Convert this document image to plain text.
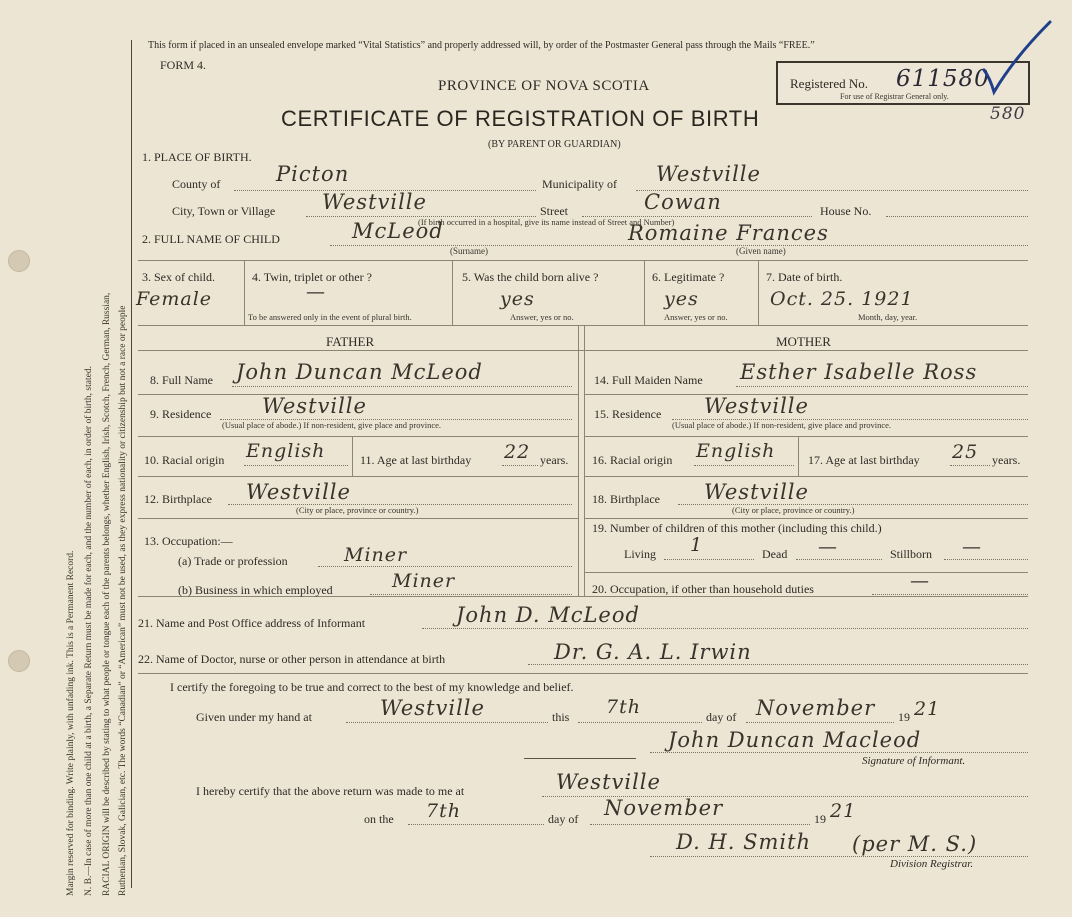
Margin reserved for binding. Write plainly, with unfading ink. This is a Permanent Record. N. B.—In case of more than one child at a birth, a Separate Return must be made for each, and the number of each, in order of birth, stated. RACIAL ORIGIN will be described by stating to what people or tongue each of the parents belongs, whether English, Irish, Scotch, French, German, Russian, Ruthenian, Slovak, Galician, etc. The words “Canadian” or “American” must not be used, as they express nationality or citizenship but not a race or people
This form if placed in an unsealed envelope marked “Vital Statistics” and properly addressed will, by order of the Postmaster General pass through the Mails “FREE.”
FORM 4.
Registered No. 611580
For use of Registrar General only.
580
PROVINCE OF NOVA SCOTIA
CERTIFICATE OF REGISTRATION OF BIRTH
(BY PARENT OR GUARDIAN)
1. PLACE OF BIRTH.
County of	Picton	Municipality of Westville
City, Town or Village Westville	Street	Cowan	House No.
(If birth occurred in a hospital, give its name instead of Street and Number)
2. FULL NAME OF CHILD	McLeod	Romaine Frances
(Surname)	(Given name)
3. Sex of child.
Female
4. Twin, triplet or other ?
—
To be answered only in the event of plural birth.
5. Was the child born alive ?
yes
Answer, yes or no.
6. Legitimate ?
yes
Answer, yes or no.
7. Date of birth.
Oct. 25. 1921
Month, day, year.
FATHER	MOTHER
8. Full Name John Duncan McLeod
9. Residence Westville
(Usual place of abode.) If non-resident, give place and province.
10. Racial origin English	11. Age at last birthday 22 years.
12. Birthplace Westville
(City or place, province or country.)
13. Occupation:—
(a) Trade or profession	Miner
(b) Business in which employed	Miner
14. Full Maiden Name Esther Isabelle Ross
15. Residence Westville
(Usual place of abode.) If non-resident, give place and province.
16. Racial origin English	17. Age at last birthday 25 years.
18. Birthplace Westville
(City or place, province or country.)
19. Number of children of this mother (including this child.)
Living 1	Dead —	Stillborn —
20. Occupation, if other than household duties	—
21. Name and Post Office address of Informant	John D. McLeod
22. Name of Doctor, nurse or other person in attendance at birth	Dr. G. A. L. Irwin
I certify the foregoing to be true and correct to the best of my knowledge and belief.
Given under my hand at	Westville	this 7th	day of November 19 21
John Duncan Macleod
Signature of Informant.
I hereby certify that the above return was made to me at	Westville
on the 7th	day of November	19 21
D. H. Smith (per M. S.)
Division Registrar.
